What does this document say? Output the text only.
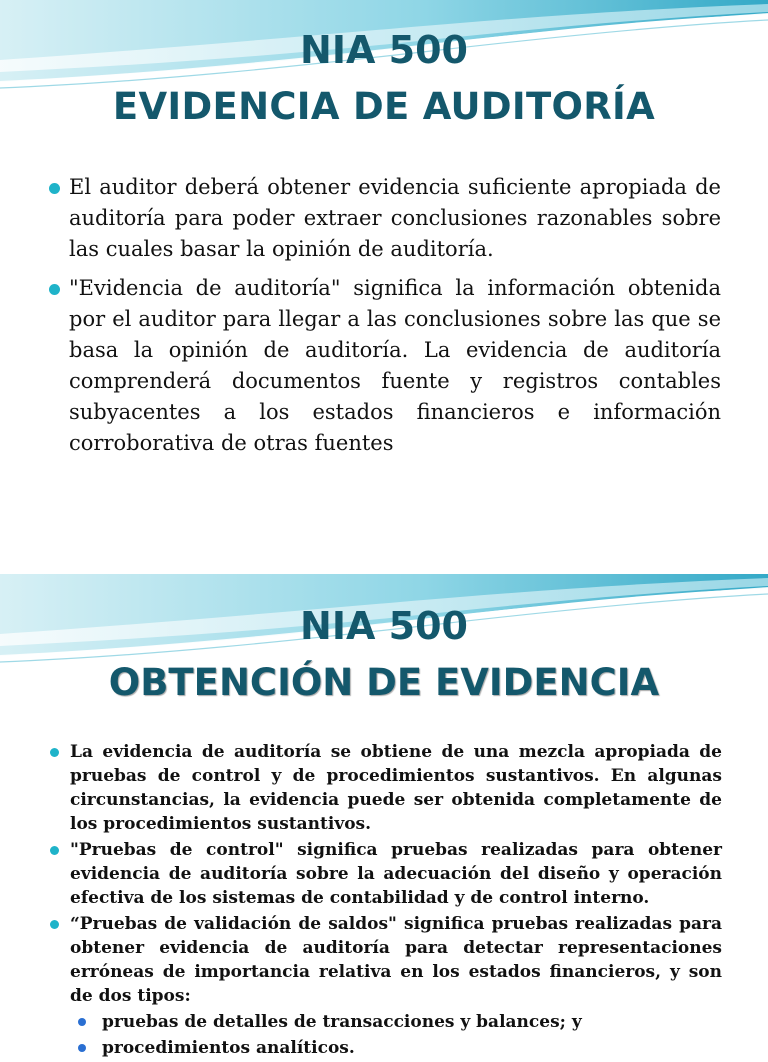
NIA 500
EVIDENCIA DE AUDITORÍA
El auditor deberá obtener evidencia suficiente apropiada de auditoría para poder extraer conclusiones razonables sobre las cuales basar la opinión de auditoría.
"Evidencia de auditoría" significa la información obtenida por el auditor para llegar a las conclusiones sobre las que se basa la opinión de auditoría. La evidencia de auditoría comprenderá documentos fuente y registros contables subyacentes a los estados financieros e información corroborativa de otras fuentes
NIA 500
OBTENCIÓN DE EVIDENCIA
La evidencia de auditoría se obtiene de una mezcla apropiada de pruebas de control y de procedimientos sustantivos. En algunas circunstancias, la evidencia puede ser obtenida completamente de los procedimientos sustantivos.
"Pruebas de control" significa pruebas realizadas para obtener evidencia de auditoría sobre la adecuación del diseño y operación efectiva de los sistemas de contabilidad y de control interno.
“Pruebas de validación de saldos" significa pruebas realizadas para obtener evidencia de auditoría para detectar representaciones erróneas de importancia relativa en los estados financieros, y son de dos tipos:
pruebas de detalles de transacciones y balances; y
procedimientos analíticos.
